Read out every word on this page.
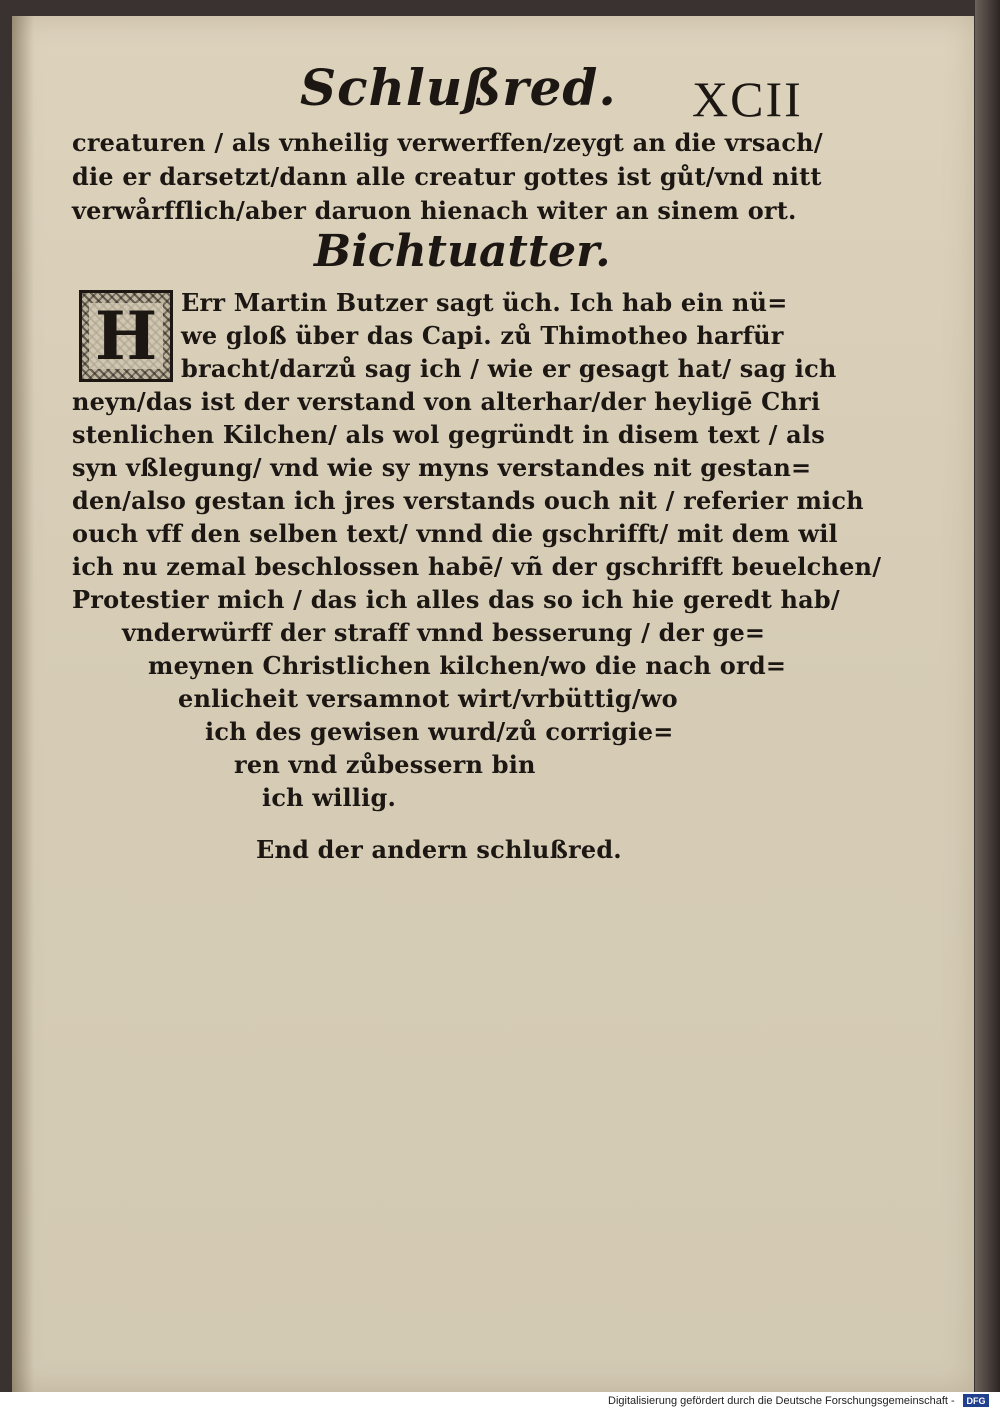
Schlußred. XCII
creaturen / als vnheilig verwerffen/zeygt an die vrsach/
die er darsetzt/dann alle creatur gottes ist gůt/vnd nitt
verwårfflich/aber daruon hienach witer an sinem ort.
Bichtuatter.
H Err Martin Butzer sagt üch. Ich hab ein nü=
we gloß über das Capi. zů Thimotheo harfür
bracht/darzů sag ich / wie er gesagt hat/ sag ich
neyn/das ist der verstand von alterhar/der heyligē Chri
stenlichen Kilchen/ als wol gegründt in disem text / als
syn vßlegung/ vnd wie sy myns verstandes nit gestan=
den/also gestan ich jres verstands ouch nit / referier mich
ouch vff den selben text/ vnnd die gschrifft/ mit dem wil
ich nu zemal beschlossen habē/ vñ der gschrifft beuelchen/
Protestier mich / das ich alles das so ich hie geredt hab/
vnderwürff der straff vnnd besserung / der ge=
meynen Christlichen kilchen/wo die nach ord=
enlicheit versamnot wirt/vrbüttig/wo
ich des gewisen wurd/zů corrigie=
ren vnd zůbessern bin
ich willig.
End der andern schlußred.
Digitalisierung gefördert durch die Deutsche Forschungsgemeinschaft -	DFG
